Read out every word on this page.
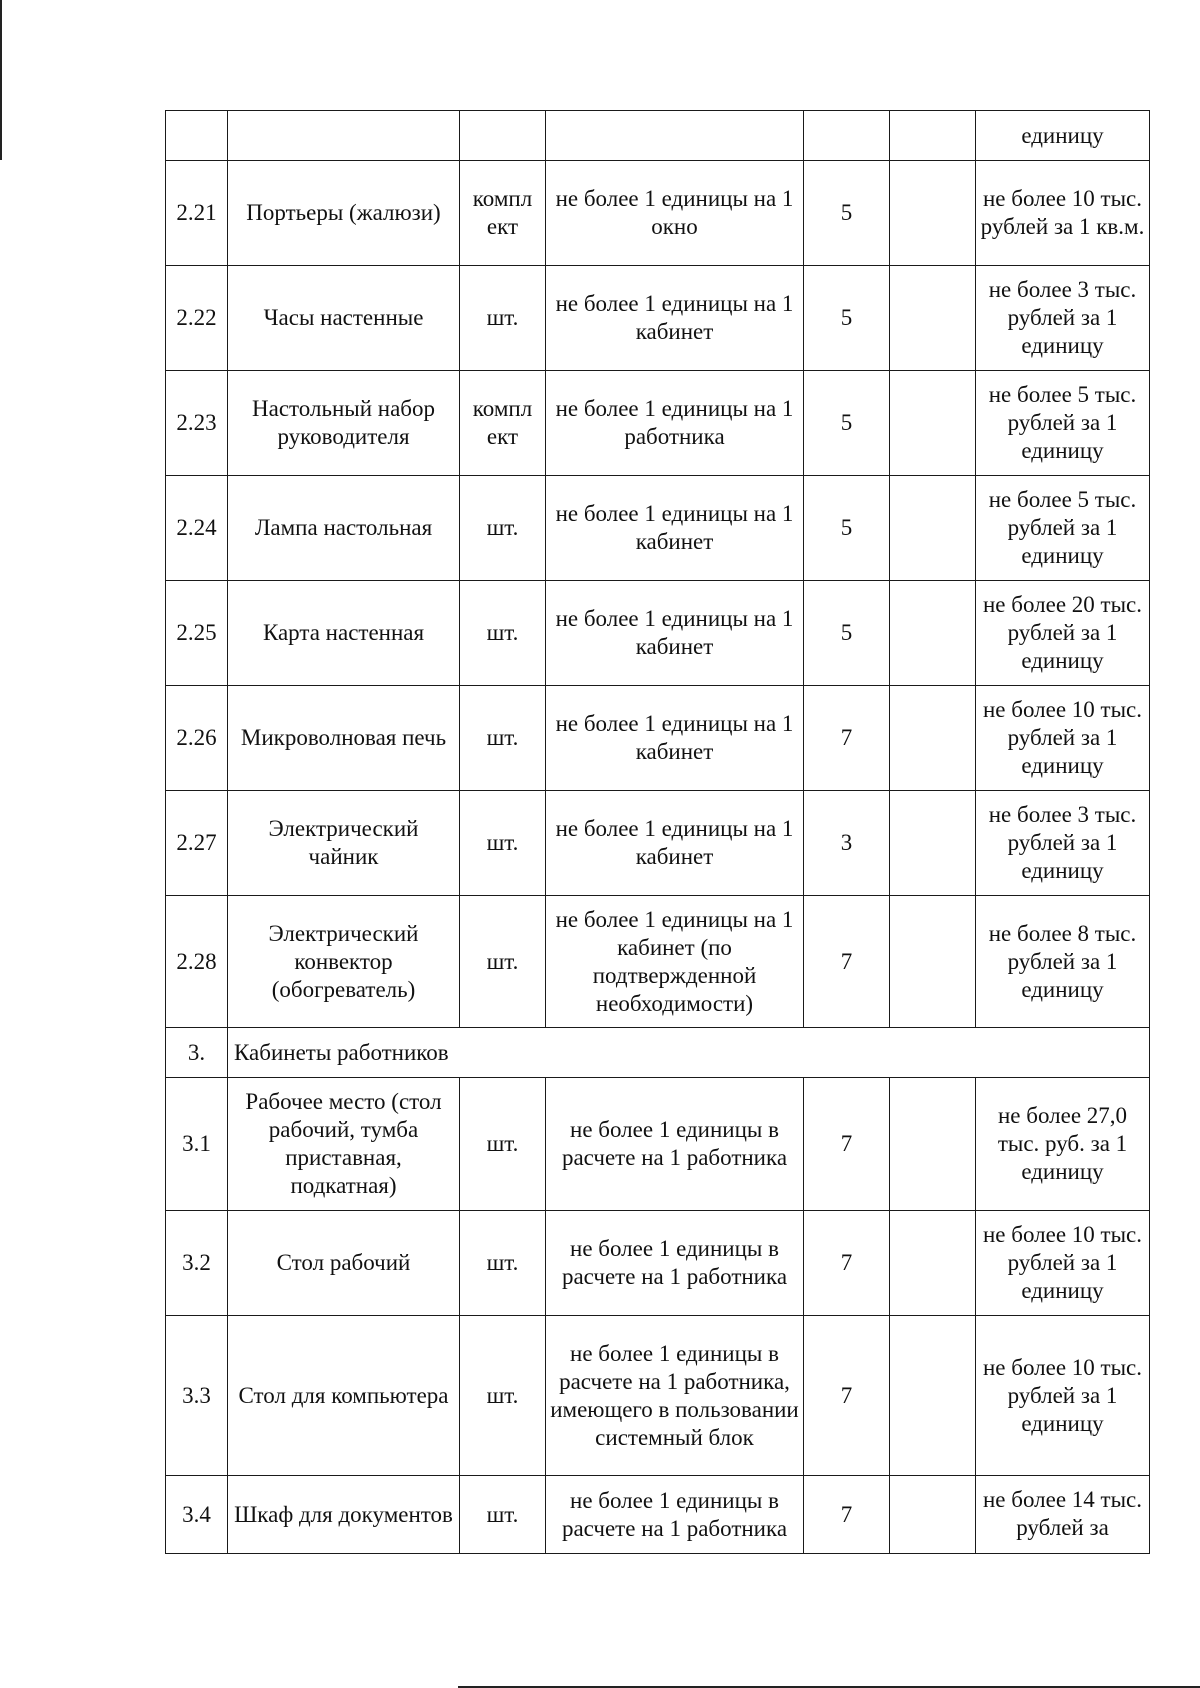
						единицу
2.21	Портьеры (жалюзи)	компл ект	не более 1 единицы на 1 окно	5		не более 10 тыс. рублей за 1 кв.м.
2.22	Часы настенные	шт.	не более 1 единицы на 1 кабинет	5		не более 3 тыс. рублей за 1 единицу
2.23	Настольный набор руководителя	компл ект	не более 1 единицы на 1 работника	5		не более 5 тыс. рублей за 1 единицу
2.24	Лампа настольная	шт.	не более 1 единицы на 1 кабинет	5		не более 5 тыс. рублей за 1 единицу
2.25	Карта настенная	шт.	не более 1 единицы на 1 кабинет	5		не более 20 тыс. рублей за 1 единицу
2.26	Микроволновая печь	шт.	не более 1 единицы на 1 кабинет	7		не более 10 тыс. рублей за 1 единицу
2.27	Электрический чайник	шт.	не более 1 единицы на 1 кабинет	3		не более 3 тыс. рублей за 1 единицу
2.28	Электрический конвектор (обогреватель)	шт.	не более 1 единицы на 1 кабинет (по подтвержденной необходимости)	7		не более 8 тыс. рублей за 1 единицу
3.	Кабинеты работников					
3.1	Рабочее место (стол рабочий, тумба приставная, подкатная)	шт.	не более 1 единицы в расчете на 1 работника	7		не более 27,0 тыс. руб. за 1 единицу
3.2	Стол рабочий	шт.	не более 1 единицы в расчете на 1 работника	7		не более 10 тыс. рублей за 1 единицу
3.3	Стол для компьютера	шт.	не более 1 единицы в расчете на 1 работника, имеющего в пользовании системный блок	7		не более 10 тыс. рублей за 1 единицу
3.4	Шкаф для документов	шт.	не более 1 единицы в расчете на 1 работника	7		не более 14 тыс. рублей за
